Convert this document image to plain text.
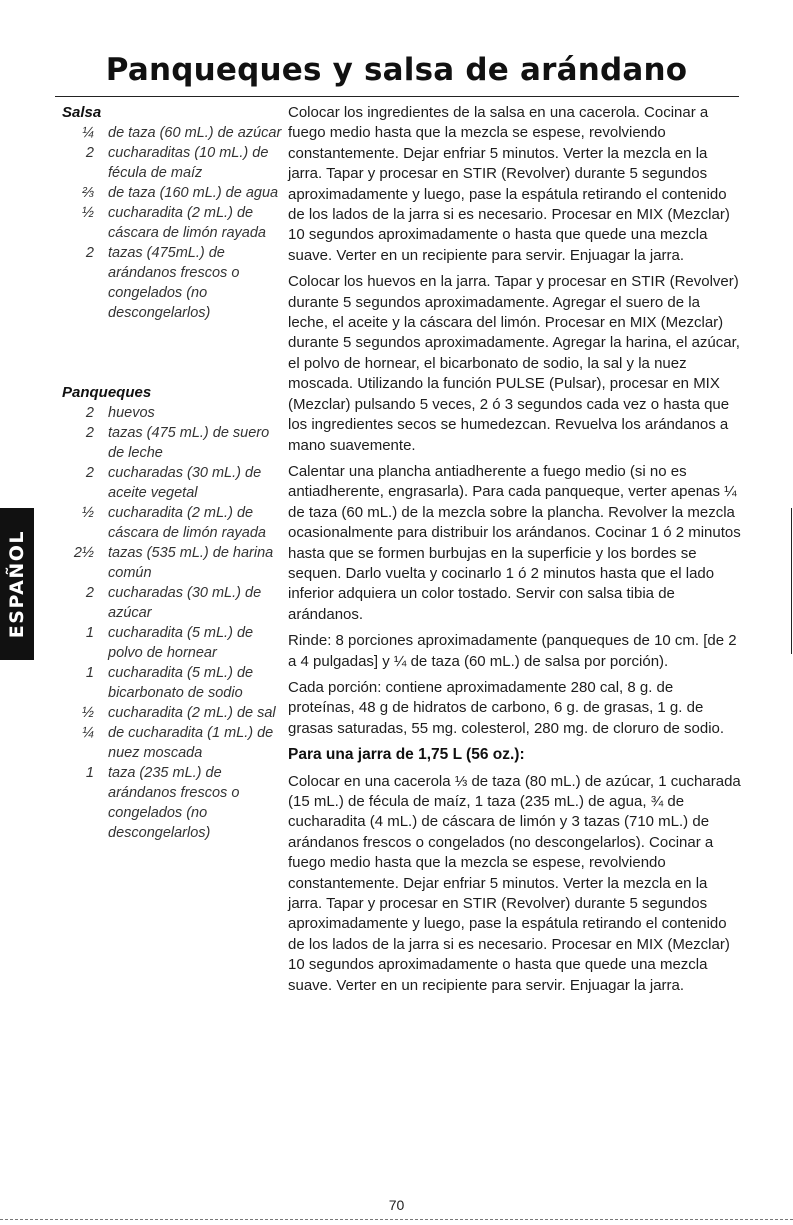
Panqueques y salsa de arándano
ESPAÑOL
Salsa
¼ de taza (60 mL.) de azúcar
2 cucharaditas (10 mL.) de fécula de maíz
⅔ de taza (160 mL.) de agua
½ cucharadita (2 mL.) de cáscara de limón rayada
2 tazas (475mL.) de arándanos frescos o congelados (no descongelarlos)
Panqueques
2 huevos
2 tazas (475 mL.) de suero de leche
2 cucharadas (30 mL.) de aceite vegetal
½ cucharadita (2 mL.) de cáscara de limón rayada
2½ tazas (535 mL.) de harina común
2 cucharadas (30 mL.) de azúcar
1 cucharadita (5 mL.) de polvo de hornear
1 cucharadita (5 mL.) de bicarbonato de sodio
½ cucharadita (2 mL.) de sal
¼ de cucharadita (1 mL.) de nuez moscada
1 taza (235 mL.) de arándanos frescos o congelados (no descongelarlos)

Colocar los ingredientes de la salsa en una cacerola. Cocinar a fuego medio hasta que la mezcla se espese, revolviendo constantemente. Dejar enfriar 5 minutos. Verter la mezcla en la jarra. Tapar y procesar en STIR (Revolver) durante 5 segundos aproximadamente y luego, pase la espátula retirando el contenido de los lados de la jarra si es necesario. Procesar en MIX (Mezclar) 10 segundos aproximadamente o hasta que quede una mezcla suave. Verter en un recipiente para servir. Enjuagar la jarra.

Colocar los huevos en la jarra. Tapar y procesar en STIR (Revolver) durante 5 segundos aproximadamente. Agregar el suero de la leche, el aceite y la cáscara del limón. Procesar en MIX (Mezclar) durante 5 segundos aproximadamente. Agregar la harina, el azúcar, el polvo de hornear, el bicarbonato de sodio, la sal y la nuez moscada. Utilizando la función PULSE (Pulsar), procesar en MIX (Mezclar) pulsando 5 veces, 2 ó 3 segundos cada vez o hasta que los ingredientes secos se humedezcan. Revuelva los arándanos a mano suavemente.

Calentar una plancha antiadherente a fuego medio (si no es antiadherente, engrasarla). Para cada panqueque, verter apenas ¼ de taza (60 mL.) de la mezcla sobre la plancha. Revolver la mezcla ocasionalmente para distribuir los arándanos. Cocinar 1 ó 2 minutos hasta que se formen burbujas en la superficie y los bordes se sequen. Darlo vuelta y cocinarlo 1 ó 2 minutos hasta que el lado inferior adquiera un color tostado. Servir con salsa tibia de arándanos.

Rinde: 8 porciones aproximadamente (panqueques de 10 cm. [de 2 a 4 pulgadas] y ¼ de taza (60 mL.) de salsa por porción).

Cada porción: contiene aproximadamente 280 cal, 8 g. de proteínas, 48 g de hidratos de carbono, 6 g. de grasas, 1 g. de grasas saturadas, 55 mg. colesterol, 280 mg. de cloruro de sodio.

Para una jarra de 1,75 L (56 oz.):

Colocar en una cacerola ⅓ de taza (80 mL.) de azúcar, 1 cucharada (15 mL.) de fécula de maíz, 1 taza (235 mL.) de agua, ¾ de cucharadita (4 mL.) de cáscara de limón y 3 tazas (710 mL.) de arándanos frescos o congelados (no descongelarlos). Cocinar a fuego medio hasta que la mezcla se espese, revolviendo constantemente. Dejar enfriar 5 minutos. Verter la mezcla en la jarra. Tapar y procesar en STIR (Revolver) durante 5 segundos aproximadamente y luego, pase la espátula retirando el contenido de los lados de la jarra si es necesario. Procesar en MIX (Mezclar) 10 segundos aproximadamente o hasta que quede una mezcla suave. Verter en un recipiente para servir. Enjuagar la jarra.

70
